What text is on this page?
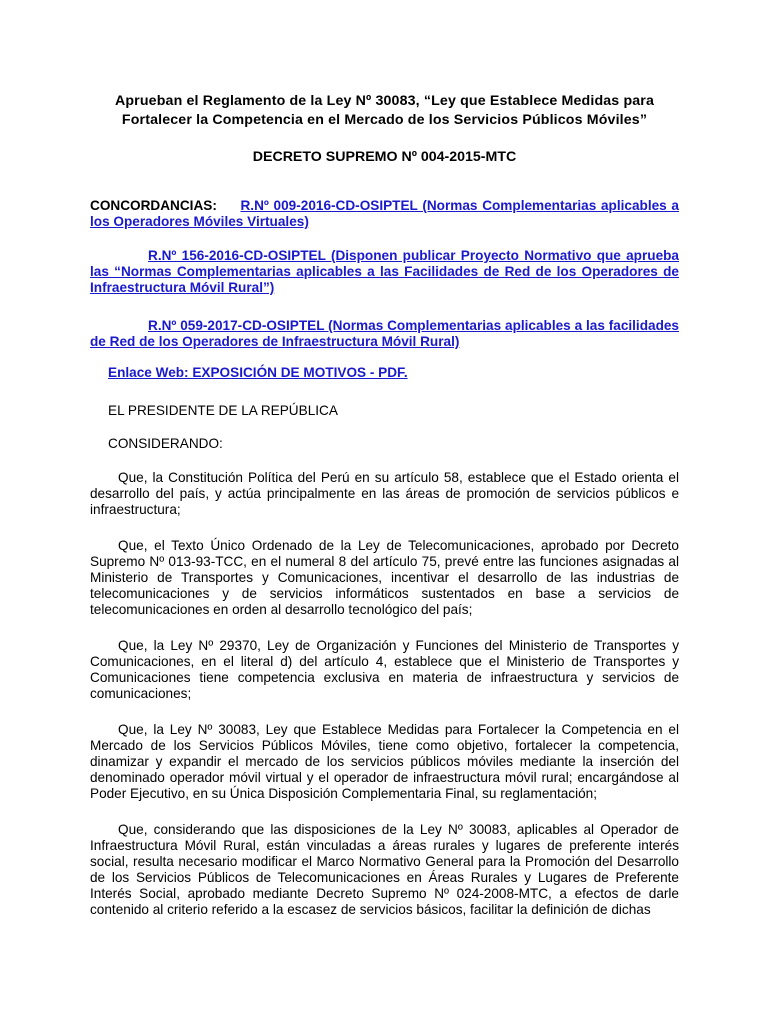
Aprueban el Reglamento de la Ley Nº 30083, “Ley que Establece Medidas para
Fortalecer la Competencia en el Mercado de los Servicios Públicos Móviles”

DECRETO SUPREMO Nº 004-2015-MTC

CONCORDANCIAS: R.Nº 009-2016-CD-OSIPTEL (Normas Complementarias aplicables a los Operadores Móviles Virtuales)

R.Nº 156-2016-CD-OSIPTEL (Disponen publicar Proyecto Normativo que aprueba las “Normas Complementarias aplicables a las Facilidades de Red de los Operadores de Infraestructura Móvil Rural”)

R.Nº 059-2017-CD-OSIPTEL (Normas Complementarias aplicables a las facilidades de Red de los Operadores de Infraestructura Móvil Rural)

Enlace Web: EXPOSICIÓN DE MOTIVOS - PDF.

EL PRESIDENTE DE LA REPÚBLICA

CONSIDERANDO:

Que, la Constitución Política del Perú en su artículo 58, establece que el Estado orienta el desarrollo del país, y actúa principalmente en las áreas de promoción de servicios públicos e infraestructura;

Que, el Texto Único Ordenado de la Ley de Telecomunicaciones, aprobado por Decreto Supremo Nº 013-93-TCC, en el numeral 8 del artículo 75, prevé entre las funciones asignadas al Ministerio de Transportes y Comunicaciones, incentivar el desarrollo de las industrias de telecomunicaciones y de servicios informáticos sustentados en base a servicios de telecomunicaciones en orden al desarrollo tecnológico del país;

Que, la Ley Nº 29370, Ley de Organización y Funciones del Ministerio de Transportes y Comunicaciones, en el literal d) del artículo 4, establece que el Ministerio de Transportes y Comunicaciones tiene competencia exclusiva en materia de infraestructura y servicios de comunicaciones;

Que, la Ley Nº 30083, Ley que Establece Medidas para Fortalecer la Competencia en el Mercado de los Servicios Públicos Móviles, tiene como objetivo, fortalecer la competencia, dinamizar y expandir el mercado de los servicios públicos móviles mediante la inserción del denominado operador móvil virtual y el operador de infraestructura móvil rural; encargándose al Poder Ejecutivo, en su Única Disposición Complementaria Final, su reglamentación;

Que, considerando que las disposiciones de la Ley Nº 30083, aplicables al Operador de Infraestructura Móvil Rural, están vinculadas a áreas rurales y lugares de preferente interés social, resulta necesario modificar el Marco Normativo General para la Promoción del Desarrollo de los Servicios Públicos de Telecomunicaciones en Áreas Rurales y Lugares de Preferente Interés Social, aprobado mediante Decreto Supremo Nº 024-2008-MTC, a efectos de darle contenido al criterio referido a la escasez de servicios básicos, facilitar la definición de dichas
